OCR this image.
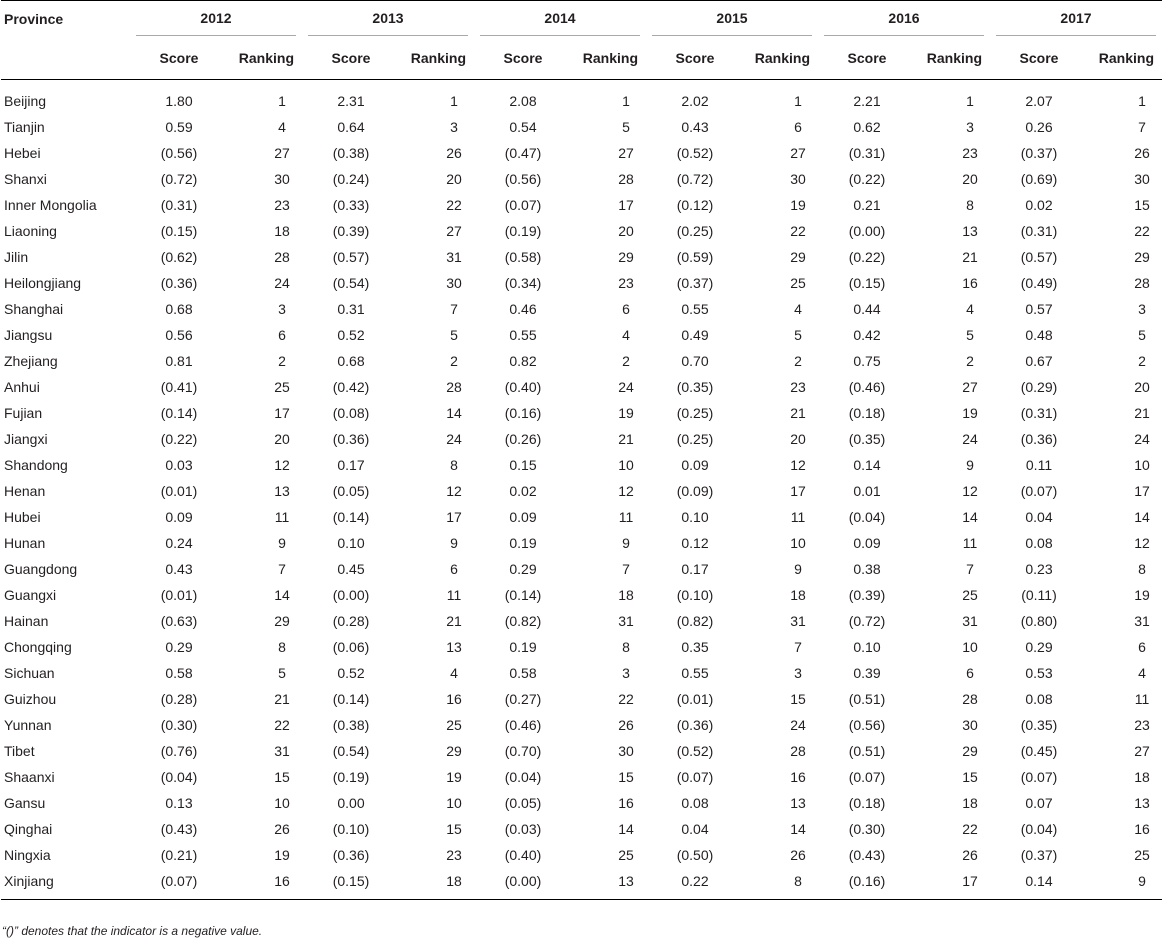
Province	2012		2013		2014		2015		2016		2017	

	Score	Ranking	Score	Ranking	Score	Ranking	Score	Ranking	Score	Ranking	Score	Ranking
Beijing	1.80	1	2.31	1	2.08	1	2.02	1	2.21	1	2.07	1
Tianjin	0.59	4	0.64	3	0.54	5	0.43	6	0.62	3	0.26	7
Hebei	(0.56)	27	(0.38)	26	(0.47)	27	(0.52)	27	(0.31)	23	(0.37)	26
Shanxi	(0.72)	30	(0.24)	20	(0.56)	28	(0.72)	30	(0.22)	20	(0.69)	30
Inner Mongolia	(0.31)	23	(0.33)	22	(0.07)	17	(0.12)	19	0.21	8	0.02	15
Liaoning	(0.15)	18	(0.39)	27	(0.19)	20	(0.25)	22	(0.00)	13	(0.31)	22
Jilin	(0.62)	28	(0.57)	31	(0.58)	29	(0.59)	29	(0.22)	21	(0.57)	29
Heilongjiang	(0.36)	24	(0.54)	30	(0.34)	23	(0.37)	25	(0.15)	16	(0.49)	28
Shanghai	0.68	3	0.31	7	0.46	6	0.55	4	0.44	4	0.57	3
Jiangsu	0.56	6	0.52	5	0.55	4	0.49	5	0.42	5	0.48	5
Zhejiang	0.81	2	0.68	2	0.82	2	0.70	2	0.75	2	0.67	2
Anhui	(0.41)	25	(0.42)	28	(0.40)	24	(0.35)	23	(0.46)	27	(0.29)	20
Fujian	(0.14)	17	(0.08)	14	(0.16)	19	(0.25)	21	(0.18)	19	(0.31)	21
Jiangxi	(0.22)	20	(0.36)	24	(0.26)	21	(0.25)	20	(0.35)	24	(0.36)	24
Shandong	0.03	12	0.17	8	0.15	10	0.09	12	0.14	9	0.11	10
Henan	(0.01)	13	(0.05)	12	0.02	12	(0.09)	17	0.01	12	(0.07)	17
Hubei	0.09	11	(0.14)	17	0.09	11	0.10	11	(0.04)	14	0.04	14
Hunan	0.24	9	0.10	9	0.19	9	0.12	10	0.09	11	0.08	12
Guangdong	0.43	7	0.45	6	0.29	7	0.17	9	0.38	7	0.23	8
Guangxi	(0.01)	14	(0.00)	11	(0.14)	18	(0.10)	18	(0.39)	25	(0.11)	19
Hainan	(0.63)	29	(0.28)	21	(0.82)	31	(0.82)	31	(0.72)	31	(0.80)	31
Chongqing	0.29	8	(0.06)	13	0.19	8	0.35	7	0.10	10	0.29	6
Sichuan	0.58	5	0.52	4	0.58	3	0.55	3	0.39	6	0.53	4
Guizhou	(0.28)	21	(0.14)	16	(0.27)	22	(0.01)	15	(0.51)	28	0.08	11
Yunnan	(0.30)	22	(0.38)	25	(0.46)	26	(0.36)	24	(0.56)	30	(0.35)	23
Tibet	(0.76)	31	(0.54)	29	(0.70)	30	(0.52)	28	(0.51)	29	(0.45)	27
Shaanxi	(0.04)	15	(0.19)	19	(0.04)	15	(0.07)	16	(0.07)	15	(0.07)	18
Gansu	0.13	10	0.00	10	(0.05)	16	0.08	13	(0.18)	18	0.07	13
Qinghai	(0.43)	26	(0.10)	15	(0.03)	14	0.04	14	(0.30)	22	(0.04)	16
Ningxia	(0.21)	19	(0.36)	23	(0.40)	25	(0.50)	26	(0.43)	26	(0.37)	25
Xinjiang	(0.07)	16	(0.15)	18	(0.00)	13	0.22	8	(0.16)	17	0.14	9
“()” denotes that the indicator is a negative value.
